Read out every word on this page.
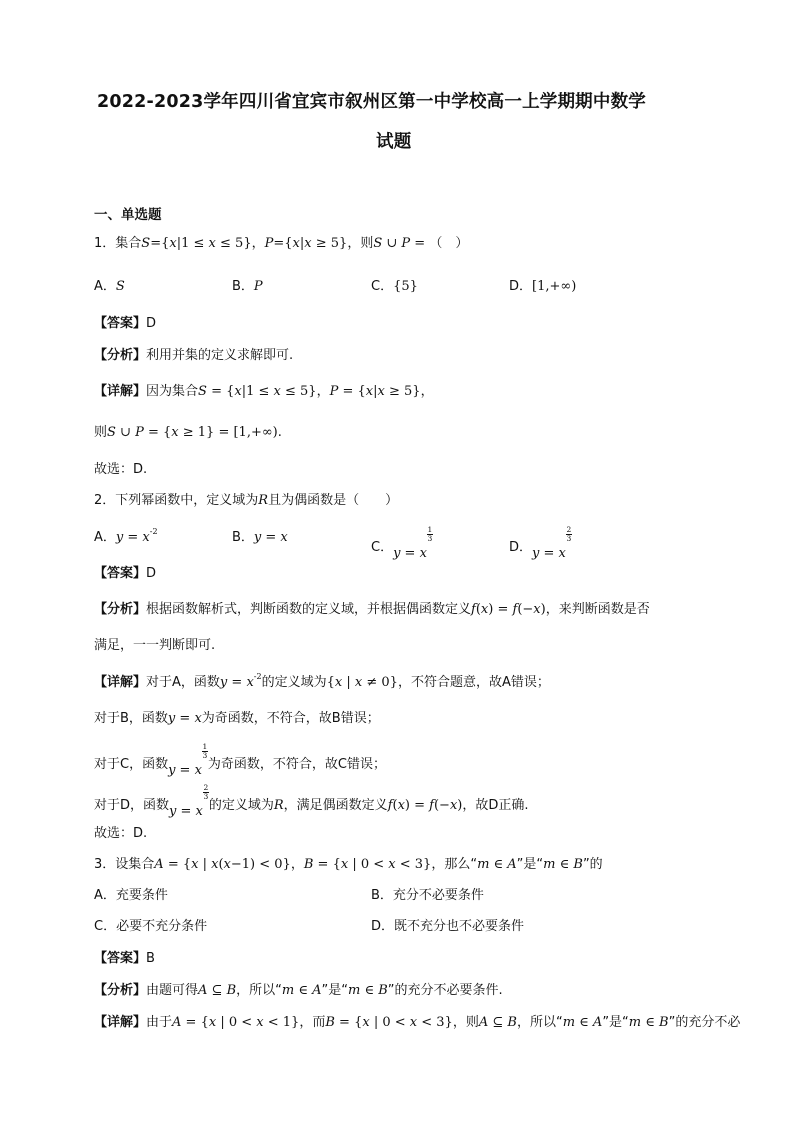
2022-2023学年四川省宜宾市叙州区第一中学校高一上学期期中数学
试题
一、单选题
1．集合S={x|1 ≤ x ≤ 5}，P={x|x ≥ 5}，则S ∪ P = （　）
A．S	B．P	C．{5}	D．[1,+∞)
【答案】D
【分析】利用并集的定义求解即可.
【详解】因为集合S = {x|1 ≤ x ≤ 5}，P = {x|x ≥ 5}，
则S ∪ P = {x ≥ 1} = [1,+∞).
故选：D.
2．下列幂函数中，定义域为R且为偶函数是（　　）
A．$y = x^{-2}$	B．y = x
C．y = x
$\frac{1}{3}$
D．y = x
$\frac{2}{3}$
【答案】D
【分析】根据函数解析式，判断函数的定义域，并根据偶函数定义f(x) = f(−x)，来判断函数是否
满足，一一判断即可.
【详解】对于A，函数$y = x^{-2}$的定义域为{x | x ≠ 0}，不符合题意，故A错误；
对于B，函数y = x为奇函数，不符合，故B错误；
对于C，函数y = x
$\frac{1}{3}$
为奇函数，不符合，故C错误；
对于D，函数y = x
$\frac{2}{3}$
的定义域为R，满足偶函数定义f(x) = f(−x)，故D正确.
故选：D.
3．设集合A = {x | x(x−1) < 0}，B = {x | 0 < x < 3}，那么“m ∈ A”是“m ∈ B”的
A．充要条件	B．充分不必要条件
C．必要不充分条件	D．既不充分也不必要条件
【答案】B
【分析】由题可得A ⊆ B，所以“m ∈ A”是“m ∈ B”的充分不必要条件.
【详解】由于A = {x | 0 < x < 1}，而B = {x | 0 < x < 3}，则A ⊆ B，所以“m ∈ A”是“m ∈ B”的充分不必
